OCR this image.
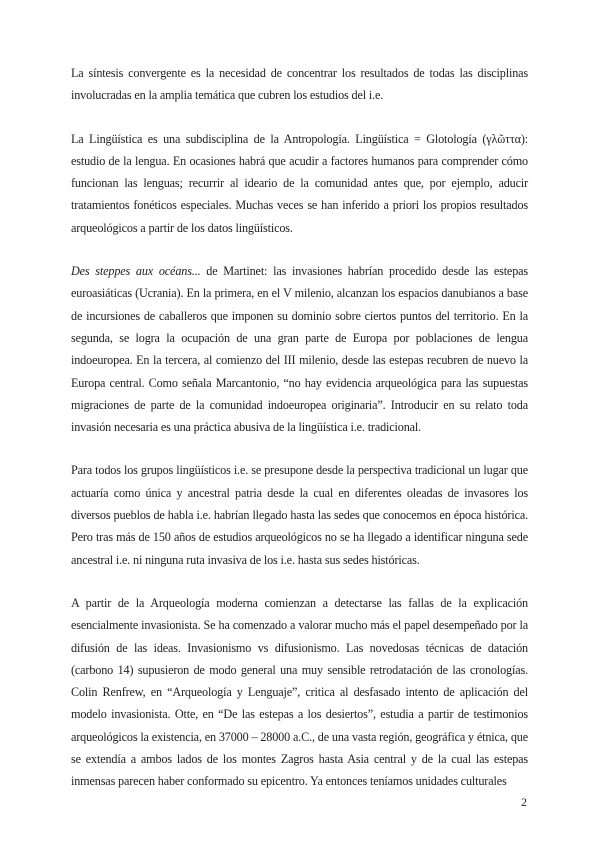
La síntesis convergente es la necesidad de concentrar los resultados de todas las disciplinas involucradas en la amplia temática que cubren los estudios del i.e.

La Lingüística es una subdisciplina de la Antropología. Lingüística = Glotología (γλῶττα): estudio de la lengua. En ocasiones habrá que acudir a factores humanos para comprender cómo funcionan las lenguas; recurrir al ideario de la comunidad antes que, por ejemplo, aducir tratamientos fonéticos especiales. Muchas veces se han inferido a priori los propios resultados arqueológicos a partir de los datos lingüísticos.

Des steppes aux océans... de Martinet: las invasiones habrían procedido desde las estepas euroasiáticas (Ucrania). En la primera, en el V milenio, alcanzan los espacios danubianos a base de incursiones de caballeros que imponen su dominio sobre ciertos puntos del territorio. En la segunda, se logra la ocupación de una gran parte de Europa por poblaciones de lengua indoeuropea. En la tercera, al comienzo del III milenio, desde las estepas recubren de nuevo la Europa central. Como señala Marcantonio, “no hay evidencia arqueológica para las supuestas migraciones de parte de la comunidad indoeuropea originaria”. Introducir en su relato toda invasión necesaria es una práctica abusiva de la lingüística i.e. tradicional.

Para todos los grupos lingüísticos i.e. se presupone desde la perspectiva tradicional un lugar que actuaría como única y ancestral patria desde la cual en diferentes oleadas de invasores los diversos pueblos de habla i.e. habrían llegado hasta las sedes que conocemos en época histórica. Pero tras más de 150 años de estudios arqueológicos no se ha llegado a identificar ninguna sede ancestral i.e. ni ninguna ruta invasiva de los i.e. hasta sus sedes históricas.

A partir de la Arqueología moderna comienzan a detectarse las fallas de la explicación esencialmente invasionista. Se ha comenzado a valorar mucho más el papel desempeñado por la difusión de las ideas. Invasionismo vs difusionismo. Las novedosas técnicas de datación (carbono 14) supusieron de modo general una muy sensible retrodatación de las cronologías. Colin Renfrew, en “Arqueología y Lenguaje”, critica al desfasado intento de aplicación del modelo invasionista. Otte, en “De las estepas a los desiertos”, estudia a partir de testimonios arqueológicos la existencia, en 37000 – 28000 a.C., de una vasta región, geográfica y étnica, que se extendía a ambos lados de los montes Zagros hasta Asia central y de la cual las estepas inmensas parecen haber conformado su epicentro. Ya entonces teníamos unidades culturales

2
